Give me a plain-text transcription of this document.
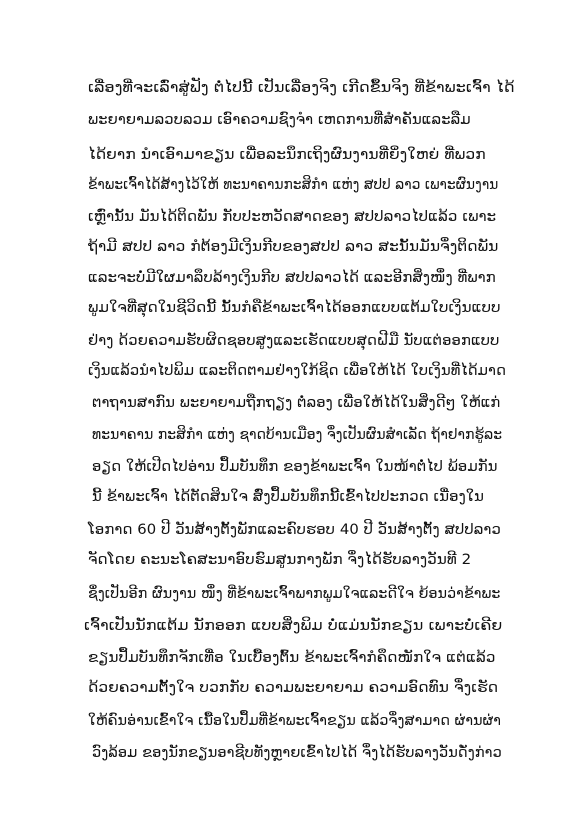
ເລື່ອງທີ່ຈະເລົ່າສູ່ຟັງ ຕໍ່ໄປນີ້ ເປັນເລື່ອງຈິງ ເກີດຂຶ້ນຈິງ ທີ່ຂ້າພະເຈົ້າ ໄດ້
ພະຍາຍາມລວບລວມ ເອົາຄວາມຊົງຈຳ ເຫດການທີ່ສຳຄັນແລະລືມ
ໄດ້ຍາກ ນຳເອົາມາຂຽນ ເພື່ອລະນຶກເຖິງຜົນງານທີ່ຍິ່ງໃຫຍ່ ທີ່ພວກ
ຂ້າພະເຈົ້າໄດ້ສ້າງໄວ້ໃຫ້ ທະນາຄານກະສິກຳ ແຫ່ງ ສປປ ລາວ ເພາະຜົນງານ
ເຫຼົ່ານັ້ນ ມັນໄດ້ຕິດພັນ ກັບປະຫວັດສາດຂອງ ສປປລາວໄປແລ້ວ ເພາະ
ຖ້າມີ ສປປ ລາວ ກໍຕ້ອງມີເງິນກີບຂອງສປປ ລາວ ສະນັ້ນມັນຈຶ່ງຕິດພັນ
ແລະຈະບໍ່ມີໃຜມາລຶບລ້າງເງິນກີບ ສປປລາວໄດ້ ແລະອີກສິ່ງໜຶ່ງ ທີ່ພາກ
ພູມໃຈທີ່ສຸດໃນຊີວິດນີ້ ນັ້ນກໍຄືຂ້າພະເຈົ້າໄດ້ອອກແບບແຕ້ມໃບເງິນແບບ
ຢ່າງ ດ້ວຍຄວາມຮັບຜິດຊອບສູງແລະເຮັດແບບສຸດຝີມື ນັບແຕ່ອອກແບບ
ເງິນແລ້ວນຳໄປພິມ ແລະຕິດຕາມຢ່າງໃກ້ຊິດ ເພື່ອໃຫ້ໄດ້ ໃບເງິນທີ່ໄດ້ມາດ
ຕາຖານສາກົນ ພະຍາຍາມຖືກຖຽງ ຕໍ່ລອງ ເພື່ອໃຫ້ໄດ້ໃນສິ່ງດີໆ ໃຫ້ແກ່
ທະນາຄານ ກະສິກຳ ແຫ່ງ ຊາດບ້ານເມືອງ ຈຶ່ງເປັນຜົນສຳເລັດ ຖ້າຢາກຮູ້ລະ
ອຽດ ໃຫ້ເປີດໄປອ່ານ ປຶ້ມບັນທຶກ ຂອງຂ້າພະເຈົ້າ ໃນໜ້າຕໍ່ໄປ ພ້ອມກັນ
ນີ້ ຂ້າພະເຈົ້າ ໄດ້ຕັດສິນໃຈ ສົ່ງປຶ້ມບັນທຶກນີ້ເຂົ້າໄປປະກວດ ເນື່ອງໃນ
ໂອກາດ 60 ປີ ວັນສ້າງຕັ້ງພັກແລະຄົບຮອບ 40 ປີ ວັນສ້າງຕັ້ງ ສປປລາວ
ຈັດໂດຍ ຄະນະໂຄສະນາອົບຮົມສູນກາງພັກ ຈຶ່ງໄດ້ຮັບລາງວັນທີ 2
ຊຶ່ງເປັນອີກ ຜົນງານ ໜຶ່ງ ທີ່ຂ້າພະເຈົ້າພາກພູມໃຈແລະດີໃຈ ຍ້ອນວ່າຂ້າພະ
ເຈົ້າເປັນນັກແຕ້ມ ນັກອອກ ແບບສິ່ງພິມ ບໍ່ແມ່ນນັກຂຽນ ເພາະບໍ່ເຄີຍ
ຂຽນປຶ້ມບັນທຶກຈັກເທື່ອ ໃນເບື້ອງຕົ້ນ ຂ້າພະເຈົ້າກໍຄຶດໜັກໃຈ ແຕ່ແລ້ວ
ດ້ວຍຄວາມຕັ້ງໃຈ ບວກກັບ ຄວາມພະຍາຍາມ ຄວາມອົດທົນ ຈຶ່ງເຮັດ
ໃຫ້ຄົນອ່ານເຂົ້າໃຈ ເນື້ອໃນປຶ້ມທີ່ຂ້າພະເຈົ້າຂຽນ ແລ້ວຈຶ່ງສາມາດ ຜ່ານຜ່າ
ວົງລ້ອມ ຂອງນັກຂຽນອາຊີບທັງຫຼາຍເຂົ້າໄປໄດ້ ຈຶ່ງໄດ້ຮັບລາງວັນດັ່ງກ່າວ
